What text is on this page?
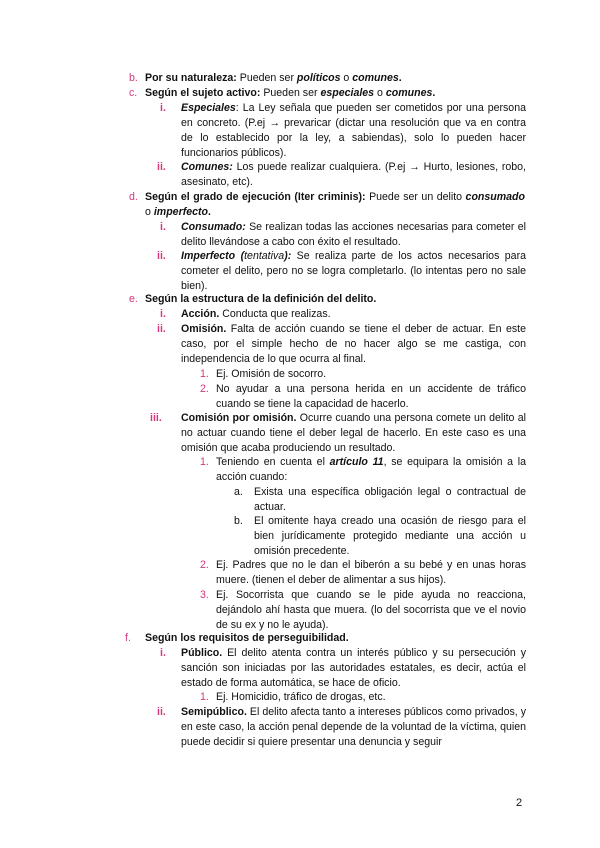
b. Por su naturaleza: Pueden ser políticos o comunes.
c. Según el sujeto activo: Pueden ser especiales o comunes.
i. Especiales: La Ley señala que pueden ser cometidos por una persona en concreto. (P.ej → prevaricar (dictar una resolución que va en contra de lo establecido por la ley, a sabiendas), solo lo pueden hacer funcionarios públicos).
ii. Comunes: Los puede realizar cualquiera. (P.ej → Hurto, lesiones, robo, asesinato, etc).
d. Según el grado de ejecución (Iter criminis): Puede ser un delito consumado o imperfecto.
i. Consumado: Se realizan todas las acciones necesarias para cometer el delito llevándose a cabo con éxito el resultado.
ii. Imperfecto (tentativa): Se realiza parte de los actos necesarios para cometer el delito, pero no se logra completarlo. (lo intentas pero no sale bien).
e. Según la estructura de la definición del delito.
i. Acción. Conducta que realizas.
ii. Omisión. Falta de acción cuando se tiene el deber de actuar. En este caso, por el simple hecho de no hacer algo se me castiga, con independencia de lo que ocurra al final.
1. Ej. Omisión de socorro.
2. No ayudar a una persona herida en un accidente de tráfico cuando se tiene la capacidad de hacerlo.
iii. Comisión por omisión. Ocurre cuando una persona comete un delito al no actuar cuando tiene el deber legal de hacerlo. En este caso es una omisión que acaba produciendo un resultado.
1. Teniendo en cuenta el artículo 11, se equipara la omisión a la acción cuando:
a. Exista una específica obligación legal o contractual de actuar.
b. El omitente haya creado una ocasión de riesgo para el bien jurídicamente protegido mediante una acción u omisión precedente.
2. Ej. Padres que no le dan el biberón a su bebé y en unas horas muere. (tienen el deber de alimentar a sus hijos).
3. Ej. Socorrista que cuando se le pide ayuda no reacciona, dejándolo ahí hasta que muera. (lo del socorrista que ve el novio de su ex y no le ayuda).
f. Según los requisitos de perseguibilidad.
i. Público. El delito atenta contra un interés público y su persecución y sanción son iniciadas por las autoridades estatales, es decir, actúa el estado de forma automática, se hace de oficio.
1. Ej. Homicidio, tráfico de drogas, etc.
ii. Semipúblico. El delito afecta tanto a intereses públicos como privados, y en este caso, la acción penal depende de la voluntad de la víctima, quien puede decidir si quiere presentar una denuncia y seguir
2
